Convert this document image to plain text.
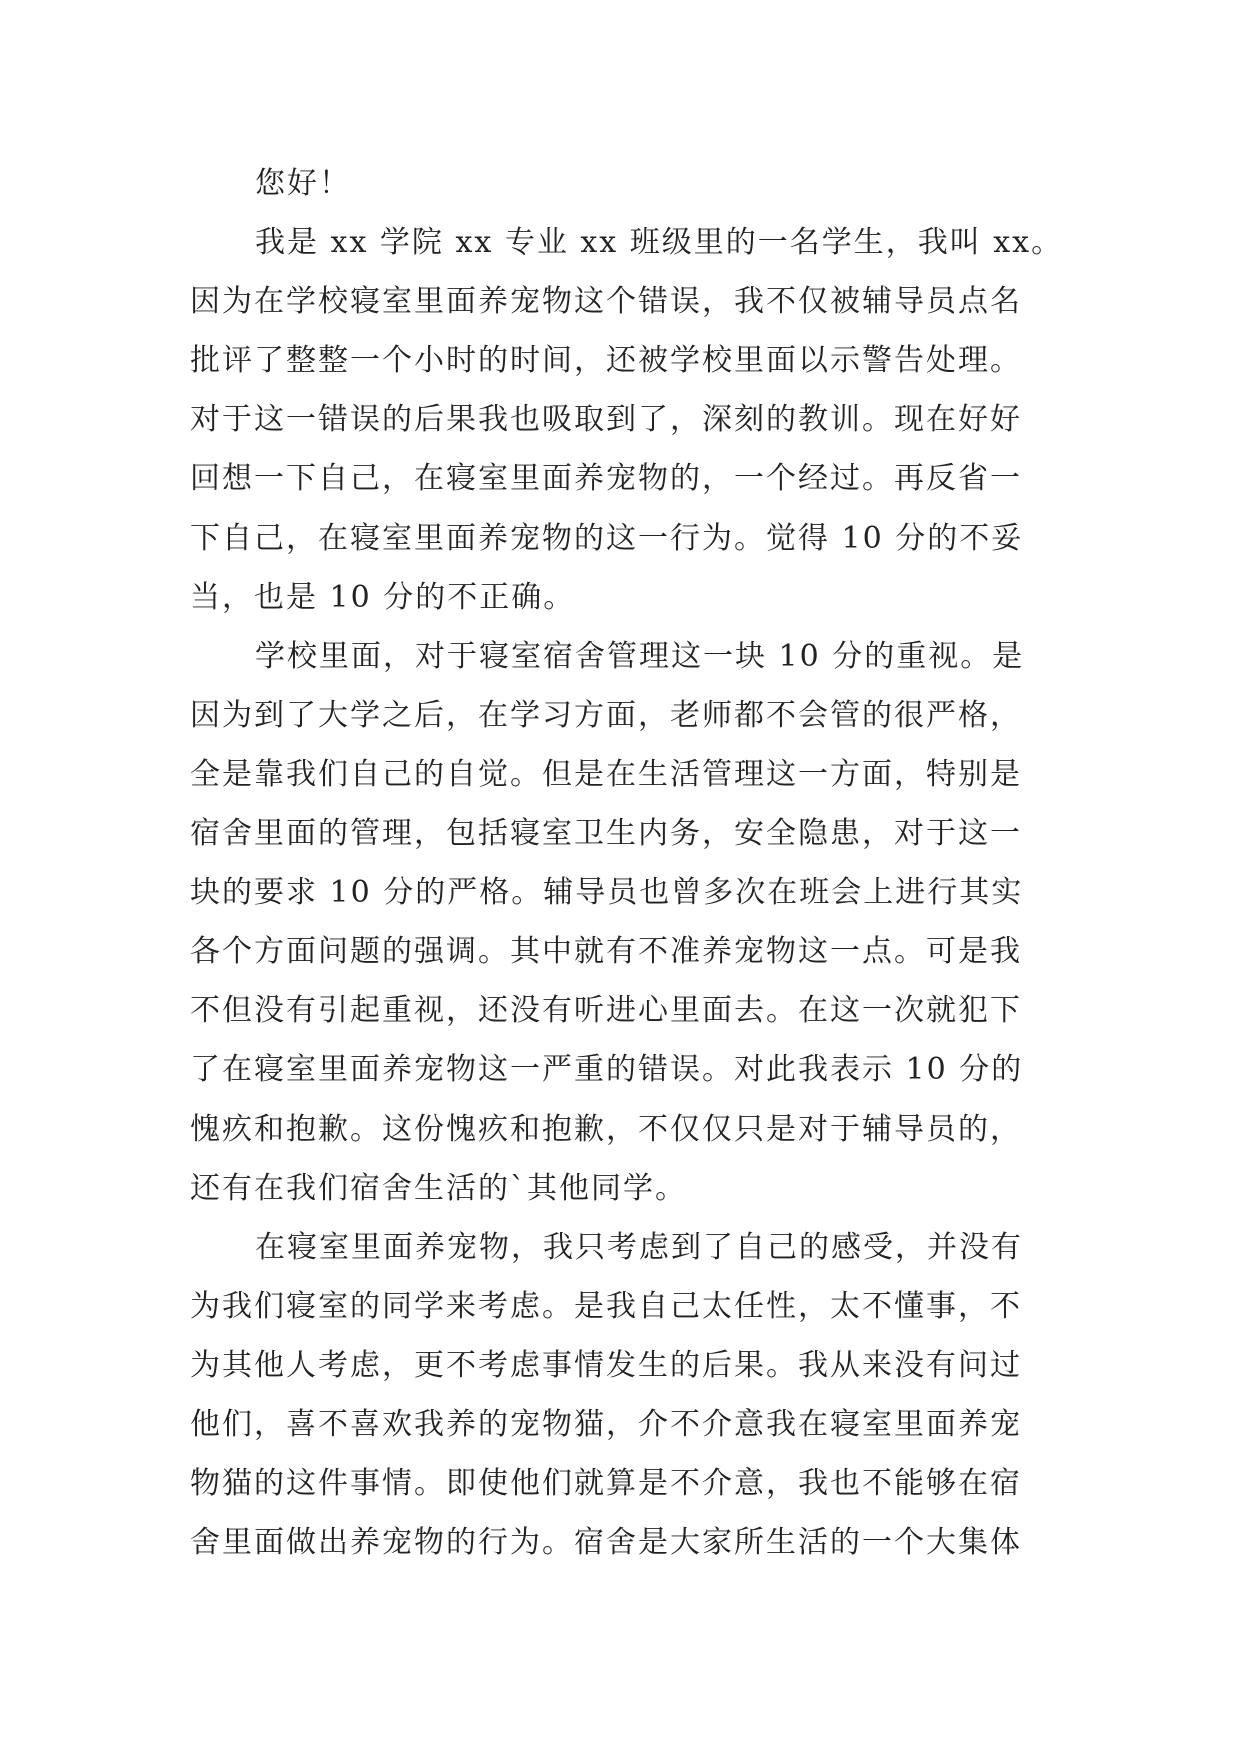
您好！
我是 xx 学院 xx 专业 xx 班级里的一名学生，我叫 xx。
因为在学校寝室里面养宠物这个错误，我不仅被辅导员点名
批评了整整一个小时的时间，还被学校里面以示警告处理。
对于这一错误的后果我也吸取到了，深刻的教训。现在好好
回想一下自己，在寝室里面养宠物的，一个经过。再反省一
下自己，在寝室里面养宠物的这一行为。觉得 10 分的不妥
当，也是 10 分的不正确。
学校里面，对于寝室宿舍管理这一块 10 分的重视。是
因为到了大学之后，在学习方面，老师都不会管的很严格，
全是靠我们自己的自觉。但是在生活管理这一方面，特别是
宿舍里面的管理，包括寝室卫生内务，安全隐患，对于这一
块的要求 10 分的严格。辅导员也曾多次在班会上进行其实
各个方面问题的强调。其中就有不准养宠物这一点。可是我
不但没有引起重视，还没有听进心里面去。在这一次就犯下
了在寝室里面养宠物这一严重的错误。对此我表示 10 分的
愧疚和抱歉。这份愧疚和抱歉，不仅仅只是对于辅导员的，
还有在我们宿舍生活的`其他同学。
在寝室里面养宠物，我只考虑到了自己的感受，并没有
为我们寝室的同学来考虑。是我自己太任性，太不懂事，不
为其他人考虑，更不考虑事情发生的后果。我从来没有问过
他们，喜不喜欢我养的宠物猫，介不介意我在寝室里面养宠
物猫的这件事情。即使他们就算是不介意，我也不能够在宿
舍里面做出养宠物的行为。宿舍是大家所生活的一个大集体
